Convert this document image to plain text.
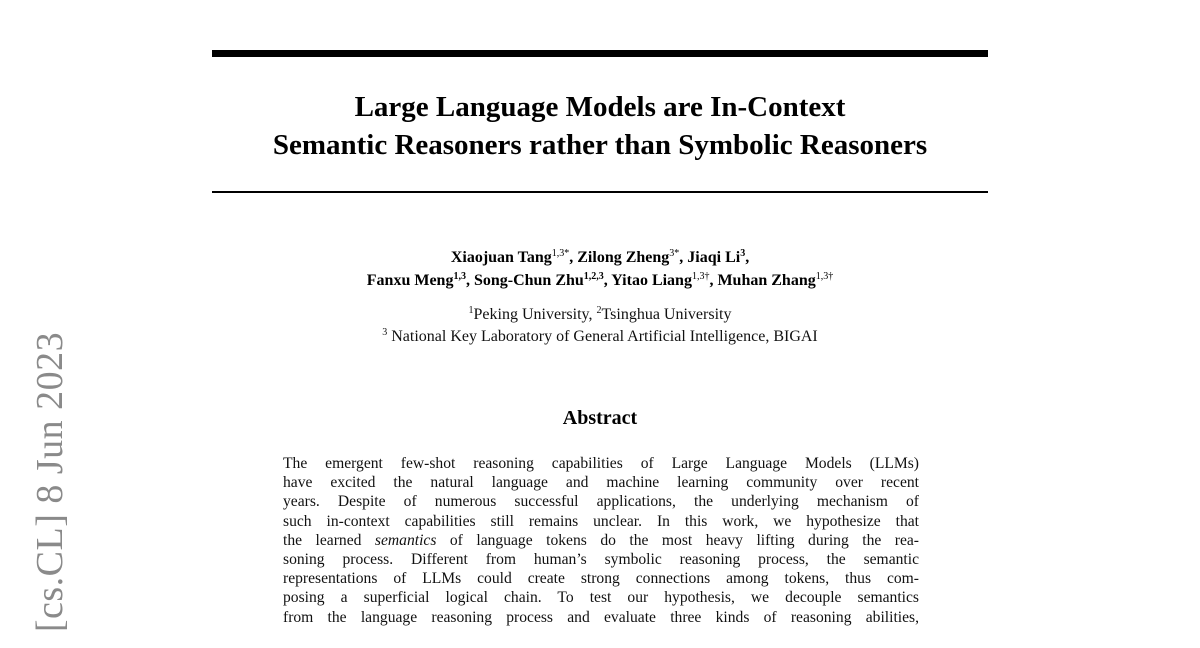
Large Language Models are In-Context
Semantic Reasoners rather than Symbolic Reasoners
Xiaojuan Tang$^{1,3*}$, Zilong Zheng$^{3*}$, Jiaqi Li$^3$,
Fanxu Meng$^{1,3}$, Song-Chun Zhu$^{1,2,3}$, Yitao Liang$^{1,3\dagger}$, Muhan Zhang$^{1,3\dagger}$
$^1$Peking University, $^2$Tsinghua University
$^3$ National Key Laboratory of General Artificial Intelligence, BIGAI
Abstract
The emergent few-shot reasoning capabilities of Large Language Models (LLMs)
have excited the natural language and machine learning community over recent
years. Despite of numerous successful applications, the underlying mechanism of
such in-context capabilities still remains unclear. In this work, we hypothesize that
the learned semantics of language tokens do the most heavy lifting during the rea-
soning process. Different from human’s symbolic reasoning process, the semantic
representations of LLMs could create strong connections among tokens, thus com-
posing a superficial logical chain. To test our hypothesis, we decouple semantics
from the language reasoning process and evaluate three kinds of reasoning abilities,
[cs.CL] 8 Jun 2023
